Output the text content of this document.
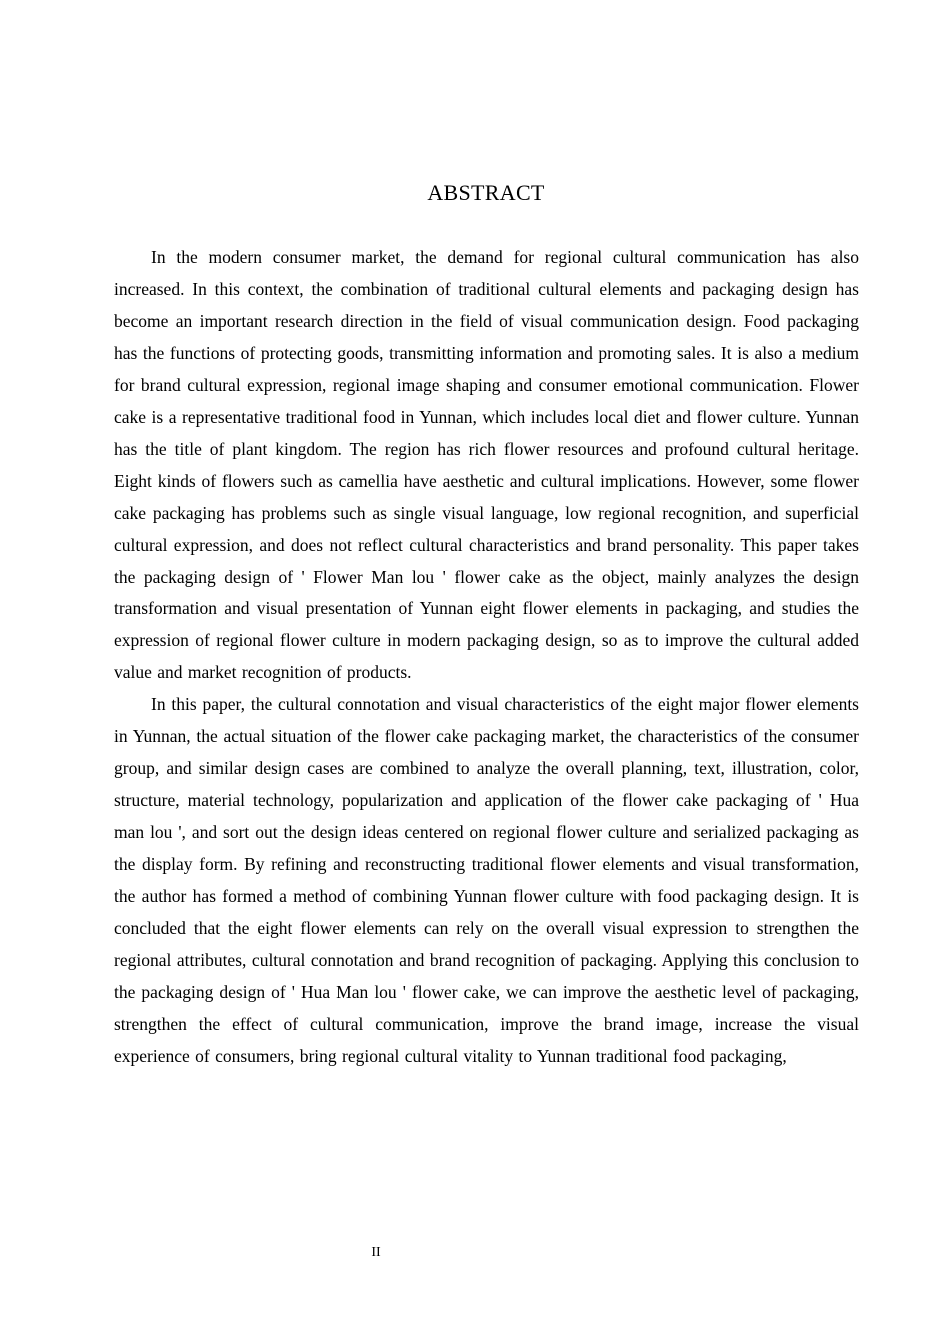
ABSTRACT

In the modern consumer market, the demand for regional cultural communication has also increased. In this context, the combination of traditional cultural elements and packaging design has become an important research direction in the field of visual communication design. Food packaging has the functions of protecting goods, transmitting information and promoting sales. It is also a medium for brand cultural expression, regional image shaping and consumer emotional communication. Flower cake is a representative traditional food in Yunnan, which includes local diet and flower culture. Yunnan has the title of plant kingdom. The region has rich flower resources and profound cultural heritage. Eight kinds of flowers such as camellia have aesthetic and cultural implications. However, some flower cake packaging has problems such as single visual language, low regional recognition, and superficial cultural expression, and does not reflect cultural characteristics and brand personality. This paper takes the packaging design of ' Flower Man lou ' flower cake as the object, mainly analyzes the design transformation and visual presentation of Yunnan eight flower elements in packaging, and studies the expression of regional flower culture in modern packaging design, so as to improve the cultural added value and market recognition of products.

In this paper, the cultural connotation and visual characteristics of the eight major flower elements in Yunnan, the actual situation of the flower cake packaging market, the characteristics of the consumer group, and similar design cases are combined to analyze the overall planning, text, illustration, color, structure, material technology, popularization and application of the flower cake packaging of ' Hua man lou ', and sort out the design ideas centered on regional flower culture and serialized packaging as the display form. By refining and reconstructing traditional flower elements and visual transformation, the author has formed a method of combining Yunnan flower culture with food packaging design. It is concluded that the eight flower elements can rely on the overall visual expression to strengthen the regional attributes, cultural connotation and brand recognition of packaging. Applying this conclusion to the packaging design of ' Hua Man lou ' flower cake, we can improve the aesthetic level of packaging, strengthen the effect of cultural communication, improve the brand image, increase the visual experience of consumers, bring regional cultural vitality to Yunnan traditional food packaging,

II
